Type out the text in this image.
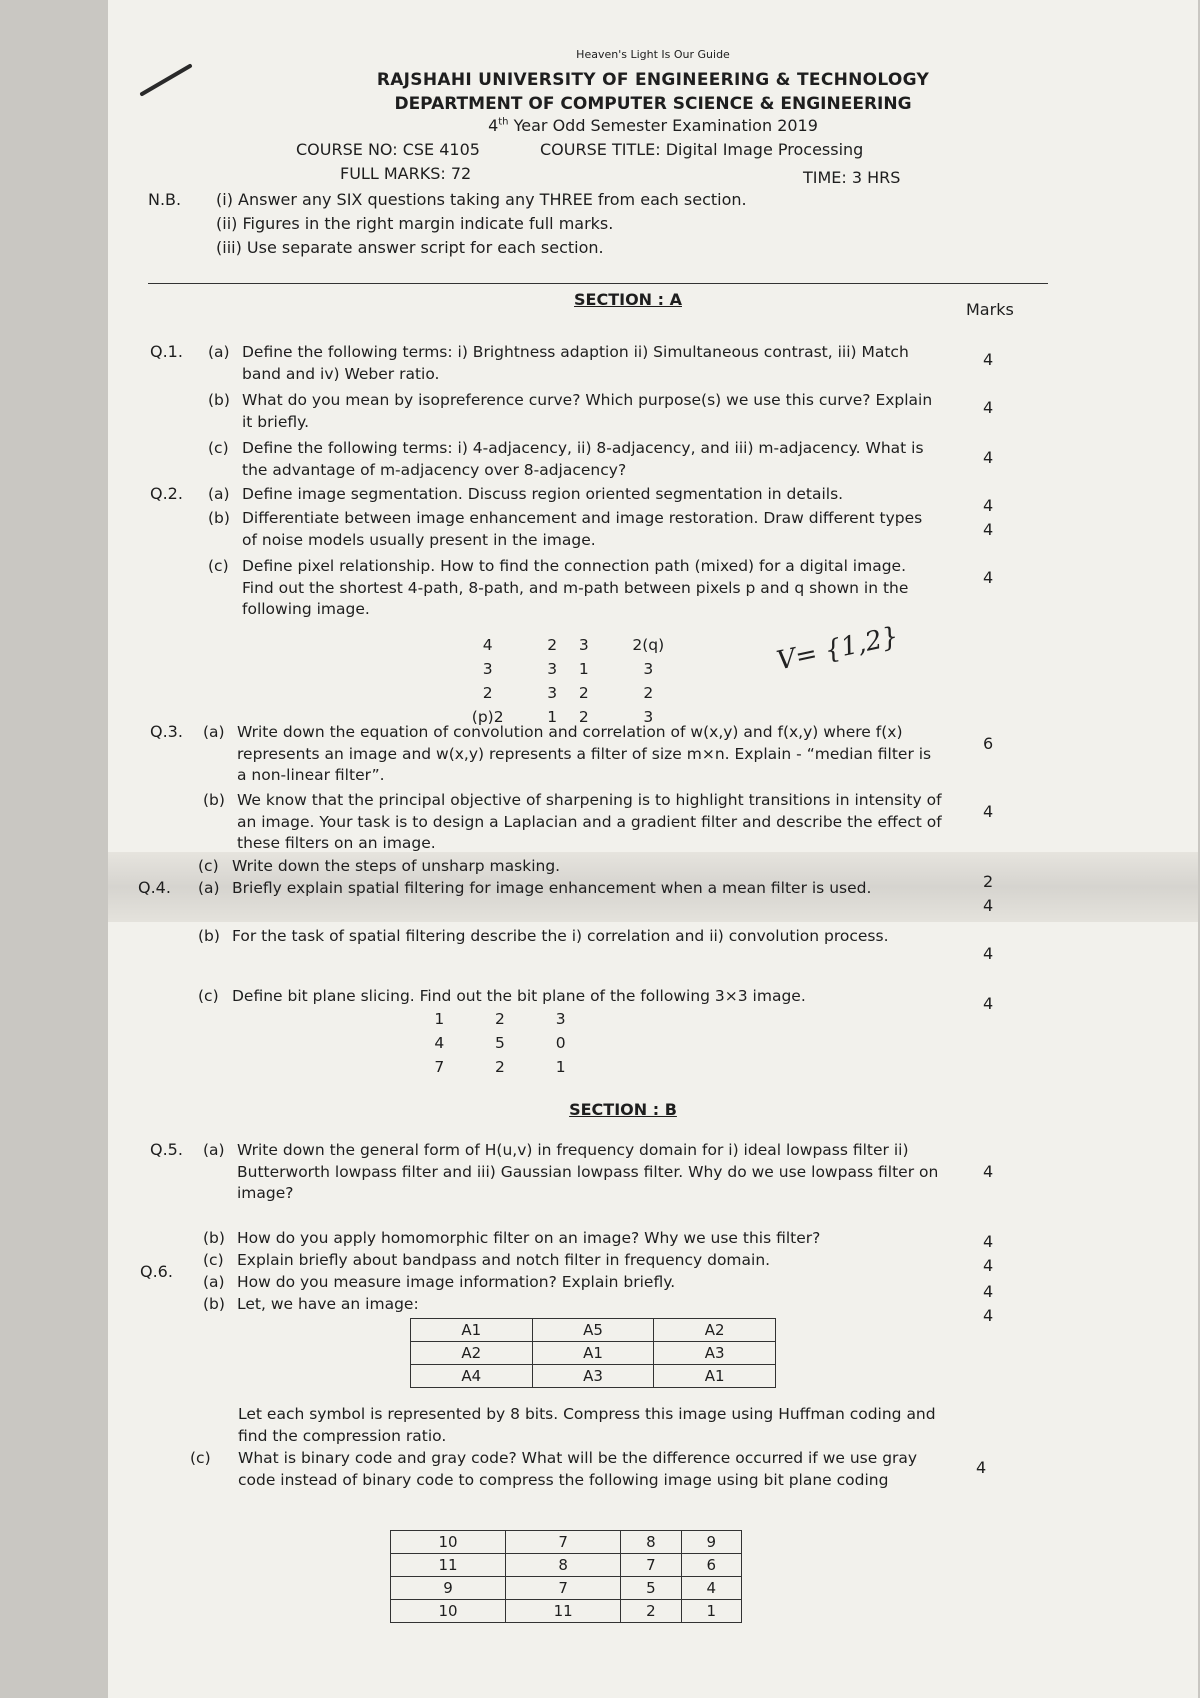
Heaven's Light Is Our Guide
RAJSHAHI UNIVERSITY OF ENGINEERING & TECHNOLOGY
DEPARTMENT OF COMPUTER SCIENCE & ENGINEERING
4th Year Odd Semester Examination 2019
COURSE NO: CSE 4105	COURSE TITLE: Digital Image Processing
FULL MARKS: 72	TIME: 3 HRS
N.B. (i) Answer any SIX questions taking any THREE from each section.
(ii) Figures in the right margin indicate full marks.
(iii) Use separate answer script for each section.
SECTION : A
Marks
Q.1. (a) Define the following terms: i) Brightness adaption ii) Simultaneous contrast, iii) Match band and iv) Weber ratio.
4
(b) What do you mean by isopreference curve? Which purpose(s) we use this curve? Explain it briefly.
4
(c) Define the following terms: i) 4-adjacency, ii) 8-adjacency, and iii) m-adjacency. What is the advantage of m-adjacency over 8-adjacency?
4
Q.2. (a) Define image segmentation. Discuss region oriented segmentation in details.
4
(b) Differentiate between image enhancement and image restoration. Draw different types of noise models usually present in the image.
4
(c) Define pixel relationship. How to find the connection path (mixed) for a digital image. Find out the shortest 4-path, 8-path, and m-path between pixels p and q shown in the following image.
4
4	2	3	2(q)
3	3	1	3
2	3	2	2
(p)2	1	2	3
V= {1,2}
Q.3. (a) Write down the equation of convolution and correlation of w(x,y) and f(x,y) where f(x) represents an image and w(x,y) represents a filter of size m×n. Explain - “median filter is a non-linear filter”.
6
(b) We know that the principal objective of sharpening is to highlight transitions in intensity of an image. Your task is to design a Laplacian and a gradient filter and describe the effect of these filters on an image.
4
(c) Write down the steps of unsharp masking.
2
Q.4. (a) Briefly explain spatial filtering for image enhancement when a mean filter is used.
4
(b) For the task of spatial filtering describe the i) correlation and ii) convolution process.
4
(c) Define bit plane slicing. Find out the bit plane of the following 3×3 image.	4
1	2	3
4	5	0
7	2	1
SECTION : B
Q.5. (a) Write down the general form of H(u,v) in frequency domain for i) ideal lowpass filter ii) Butterworth lowpass filter and iii) Gaussian lowpass filter. Why do we use lowpass filter on image?
4
(b) How do you apply homomorphic filter on an image? Why we use this filter?	4
(c) Explain briefly about bandpass and notch filter in frequency domain.	4
Q.6.
(a) How do you measure image information? Explain briefly.	4
(b) Let, we have an image:
4
A1	A5	A2
A2	A1	A3
A4	A3	A1
Let each symbol is represented by 8 bits. Compress this image using Huffman coding and find the compression ratio.
(c) What is binary code and gray code? What will be the difference occurred if we use gray code instead of binary code to compress the following image using bit plane coding
4
10	7	8	9
11	8	7	6
9	7	5	4
10	11	2	1
